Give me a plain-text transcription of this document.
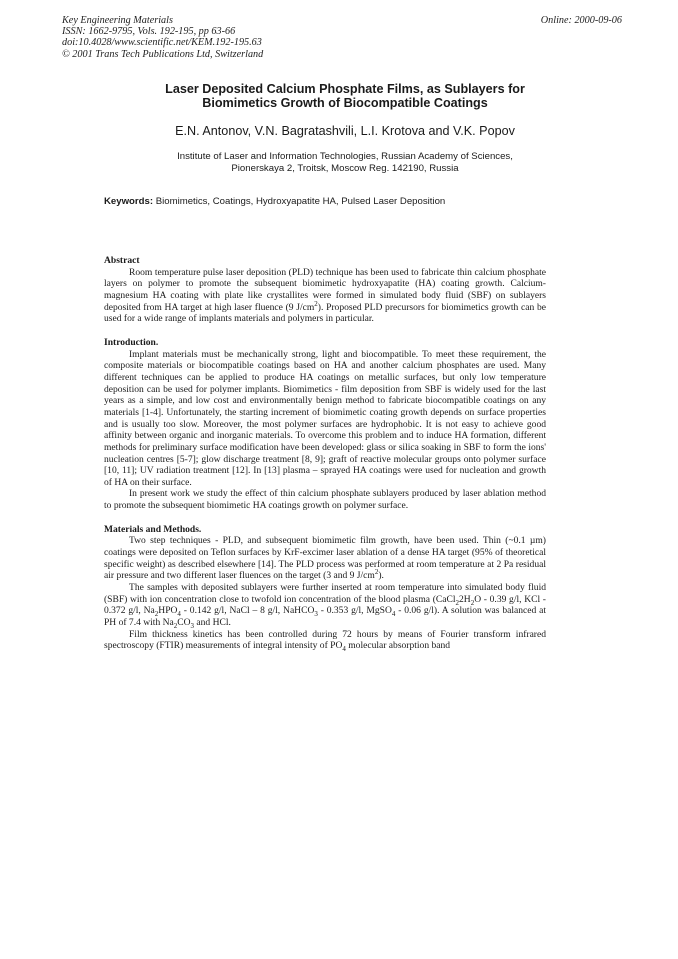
Key Engineering Materials
ISSN: 1662-9795, Vols. 192-195, pp 63-66
doi:10.4028/www.scientific.net/KEM.192-195.63
© 2001 Trans Tech Publications Ltd, Switzerland
Online: 2000-09-06
Laser Deposited Calcium Phosphate Films, as Sublayers for
Biomimetics Growth of Biocompatible Coatings
E.N. Antonov, V.N. Bagratashvili, L.I. Krotova and V.K. Popov
Institute of Laser and Information Technologies, Russian Academy of Sciences,
Pionerskaya 2, Troitsk, Moscow Reg. 142190, Russia
Keywords: Biomimetics, Coatings, Hydroxyapatite HA, Pulsed Laser Deposition

Abstract

Room temperature pulse laser deposition (PLD) technique has been used to fabricate thin calcium phosphate layers on polymer to promote the subsequent biomimetic hydroxyapatite (HA) coating growth. Calcium-magnesium HA coating with plate like crystallites were formed in simulated body fluid (SBF) on sublayers deposited from HA target at high laser fluence (9 $J/cm^2$). Proposed PLD precursors for biomimetics growth can be used for a wide range of implants materials and polymers in particular.

Introduction.

Implant materials must be mechanically strong, light and biocompatible. To meet these requirement, the composite materials or biocompatible coatings based on HA and another calcium phosphates are used. Many different techniques can be applied to produce HA coatings on metallic surfaces, but only low temperature deposition can be used for polymer implants. Biomimetics - film deposition from SBF is widely used for the last years as a simple, and low cost and environmentally benign method to fabricate biocompatible coatings on any materials [1-4]. Unfortunately, the starting increment of biomimetic coating growth depends on surface properties and is usually too slow. Moreover, the most polymer surfaces are hydrophobic. It is not easy to achieve good affinity between organic and inorganic materials. To overcome this problem and to induce HA formation, different methods for preliminary surface modification have been developed: glass or silica soaking in SBF to form the ions' nucleation centres [5-7]; glow discharge treatment [8, 9]; graft of reactive molecular groups onto polymer surface [10, 11]; UV radiation treatment [12]. In [13] plasma – sprayed HA coatings were used for nucleation and growth of HA on their surface.

In present work we study the effect of thin calcium phosphate sublayers produced by laser ablation method to promote the subsequent biomimetic HA coatings growth on polymer surface.

Materials and Methods.

Two step techniques - PLD, and subsequent biomimetic film growth, have been used. Thin (~0.1 µm) coatings were deposited on Teflon surfaces by KrF-excimer laser ablation of a dense HA target (95% of theoretical specific weight) as described elsewhere [14]. The PLD process was performed at room temperature at 2 Pa residual air pressure and two different laser fluences on the target (3 and 9 $J/cm^2$).

The samples with deposited sublayers were further inserted at room temperature into simulated body fluid (SBF) with ion concentration close to twofold ion concentration of the blood plasma ($CaCl_22H_2O - 0.39$ g/l, KCl - 0.372 g/l, $Na_2HPO_4 - 0.142$ g/l, NaCl – 8 g/l, NaHCO$_3$ - 0.353 g/l, MgSO$_4$ - 0.06 g/l). A solution was balanced at PH of 7.4 with $Na_2CO_3$ and HCl.

Film thickness kinetics has been controlled during 72 hours by means of Fourier transform infrared spectroscopy (FTIR) measurements of integral intensity of $PO_4$ molecular absorption band
